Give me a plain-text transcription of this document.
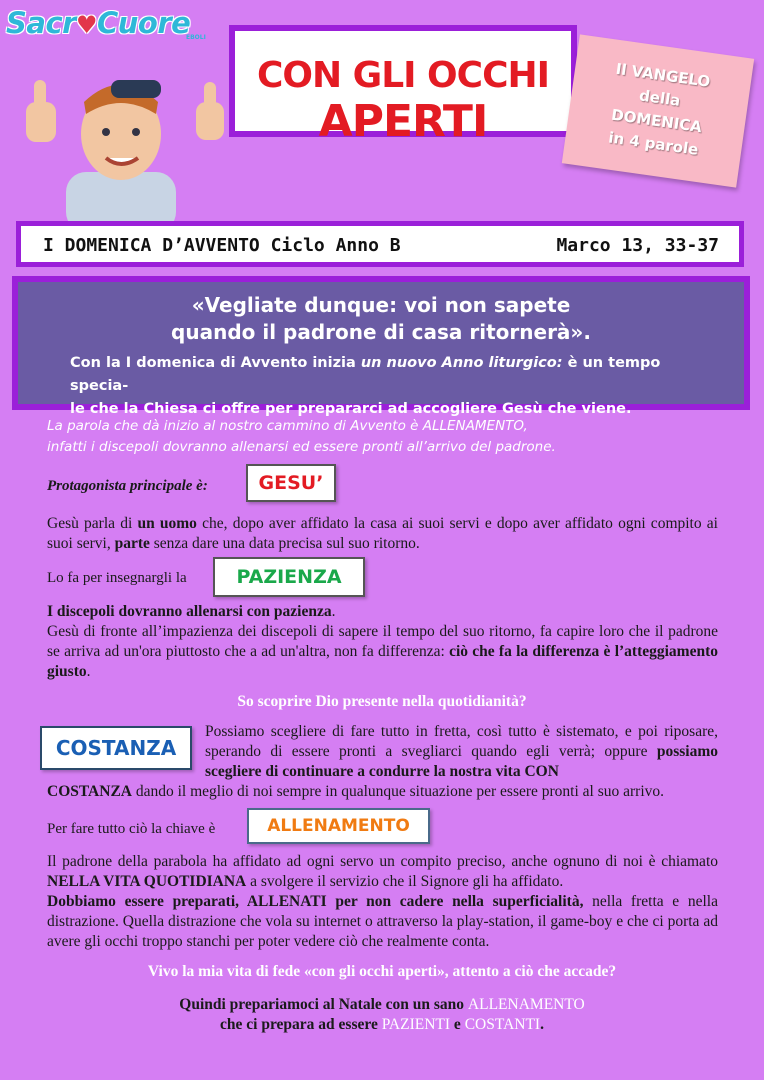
Sacr♥Cuore
EBOLI
CON GLI OCCHI APERTI
Il VANGELO
della
DOMENICA
in 4 parole
I DOMENICA D’AVVENTO Ciclo Anno B	Marco 13, 33-37
«Vegliate dunque: voi non sapete
quando il padrone di casa ritornerà».
Con la I domenica di Avvento inizia un nuovo Anno liturgico: è un tempo specia-
le che la Chiesa ci offre per prepararci ad accogliere Gesù che viene.
La parola che dà inizio al nostro cammino di Avvento è ALLENAMENTO,
infatti i discepoli dovranno allenarsi ed essere pronti all’arrivo del padrone.
Protagonista principale è:	GESU’
Gesù parla di un uomo che, dopo aver affidato la casa ai suoi servi e dopo aver affidato ogni compito ai suoi servi, parte senza dare una data precisa sul suo ritorno.
Lo fa per insegnargli la	PAZIENZA
I discepoli dovranno allenarsi con pazienza.
Gesù di fronte all’impazienza dei discepoli di sapere il tempo del suo ritorno, fa capire loro che il padrone se arriva ad un'ora piuttosto che a ad un'altra, non fa differenza: ciò che fa la differenza è l’atteggiamento giusto.
So scoprire Dio presente nella quotidianità?
COSTANZA
Possiamo scegliere di fare tutto in fretta, così tutto è sistemato, e poi riposare, sperando di essere pronti a svegliarci quando egli verrà; oppure possiamo scegliere di continuare a condurre la nostra vita CON
COSTANZA dando il meglio di noi sempre in qualunque situazione per essere pronti al suo arrivo.
Per fare tutto ciò la chiave è	ALLENAMENTO
Il padrone della parabola ha affidato ad ogni servo un compito preciso, anche ognuno di noi è chiamato NELLA VITA QUOTIDIANA a svolgere il servizio che il Signore gli ha affidato.
Dobbiamo essere preparati, ALLENATI per non cadere nella superficialità, nella fretta e nella distrazione. Quella distrazione che vola su internet o attraverso la play-station, il game-boy e che ci porta ad avere gli occhi troppo stanchi per poter vedere ciò che realmente conta.
Vivo la mia vita di fede «con gli occhi aperti», attento a ciò che accade?
Quindi prepariamoci al Natale con un sano ALLENAMENTO
che ci prepara ad essere PAZIENTI e COSTANTI.
